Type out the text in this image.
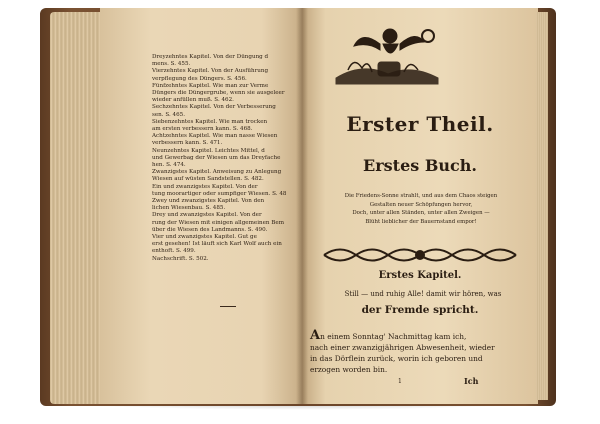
Dreyzehntes Kapitel. Von der Düngung d
mens. S. 455.
Vierzehntes Kapitel. Von der Ausführung
verpflegung des Düngers. S. 456.
Fünfzehntes Kapitel. Wie man zur Verme
Düngers die Düngergrube, wenn sie ausgeleer
wieder anfüllen muß. S. 462.
Sechzehntes Kapitel. Von der Verbesserung
sen. S. 465.
Siebenzehntes Kapitel. Wie man trocken
am ersten verbessern kann. S. 468.
Achtzehntes Kapitel. Wie man nasse Wiesen
verbessern kann. S. 471.
Neunzehntes Kapitel. Leichtes Mittel, d
und Gewerbag der Wiesen um das Dreyfache
hen. S. 474.
Zwanzigstes Kapitel. Anweisung zu Anlegung
Wiesen auf wüsten Sandstellen. S. 482.
Ein und zwanzigstes Kapitel. Von der
tung moorartiger oder sumpfiger Wiesen. S. 48
Zwey und zwanzigstes Kapitel. Von den
lichen Wiesenbau. S. 485.
Drey und zwanzigstes Kapitel. Von der
rung der Wiesen mit einigen allgemeinen Bem
über die Wiesen des Landmanns. S. 490.
Vier und zwanzigstes Kapitel. Gut ge
erst gesehen! Ist läuft sich Karl Wolf auch ein
enthoft. S. 499.
Nachschrift. S. 502.
Erster Theil.
Erstes Buch.
Die Friedens-Sonne strahlt, und aus dem Chaos steigen
Gestalten neuer Schöpfungen hervor,
Doch, unter allen Ständen, unter allen Zweigen —
Blüht lieblicher der Bauernstand empor!
Erstes Kapitel.
Still — und ruhig Alle! damit wir hören, was
der Fremde spricht.
An einem Sonntag' Nachmittag kam ich,
nach einer zwanzigjährigen Abwesenheit, wieder
in das Dörflein zurück, worin ich geboren und
erzogen worden bin.
1	Ich
